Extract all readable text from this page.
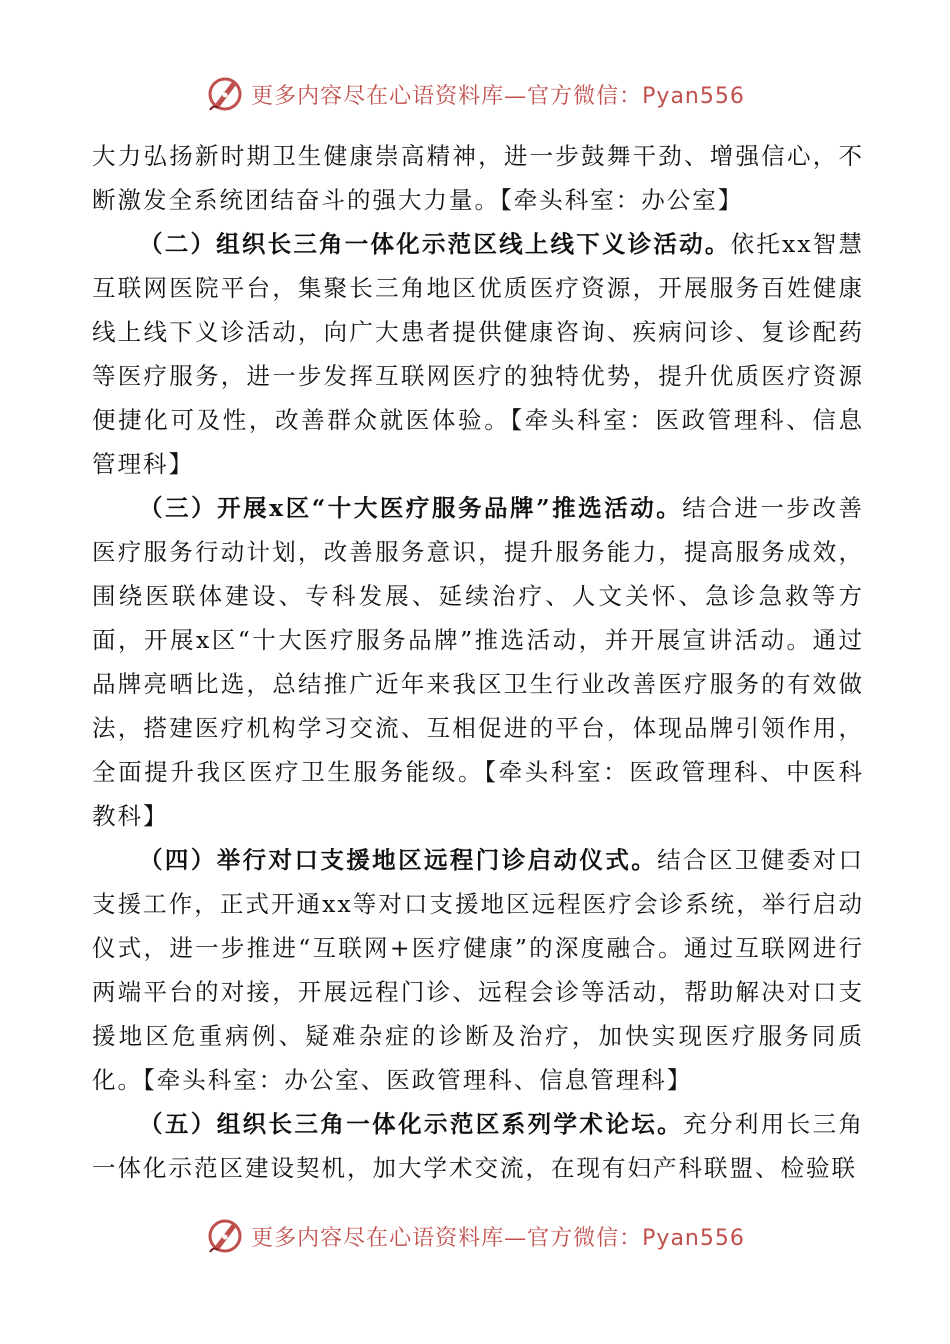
更多内容尽在心语资料库—官方微信：Pyan556

大力弘扬新时期卫生健康崇高精神，进一步鼓舞干劲、增强信心，不断激发全系统团结奋斗的强大力量。【牵头科室：办公室】

（二）组织长三角一体化示范区线上线下义诊活动。依托xx智慧互联网医院平台，集聚长三角地区优质医疗资源，开展服务百姓健康线上线下义诊活动，向广大患者提供健康咨询、疾病问诊、复诊配药等医疗服务，进一步发挥互联网医疗的独特优势，提升优质医疗资源便捷化可及性，改善群众就医体验。【牵头科室：医政管理科、信息管理科】

（三）开展x区“十大医疗服务品牌”推选活动。结合进一步改善医疗服务行动计划，改善服务意识，提升服务能力，提高服务成效，围绕医联体建设、专科发展、延续治疗、人文关怀、急诊急救等方面，开展x区“十大医疗服务品牌”推选活动，并开展宣讲活动。通过品牌亮晒比选，总结推广近年来我区卫生行业改善医疗服务的有效做法，搭建医疗机构学习交流、互相促进的平台，体现品牌引领作用，全面提升我区医疗卫生服务能级。【牵头科室：医政管理科、中医科教科】

（四）举行对口支援地区远程门诊启动仪式。结合区卫健委对口支援工作，正式开通xx等对口支援地区远程医疗会诊系统，举行启动仪式，进一步推进“互联网+医疗健康”的深度融合。通过互联网进行两端平台的对接，开展远程门诊、远程会诊等活动，帮助解决对口支援地区危重病例、疑难杂症的诊断及治疗，加快实现医疗服务同质化。【牵头科室：办公室、医政管理科、信息管理科】

（五）组织长三角一体化示范区系列学术论坛。充分利用长三角一体化示范区建设契机，加大学术交流，在现有妇产科联盟、检验联

更多内容尽在心语资料库—官方微信：Pyan556
